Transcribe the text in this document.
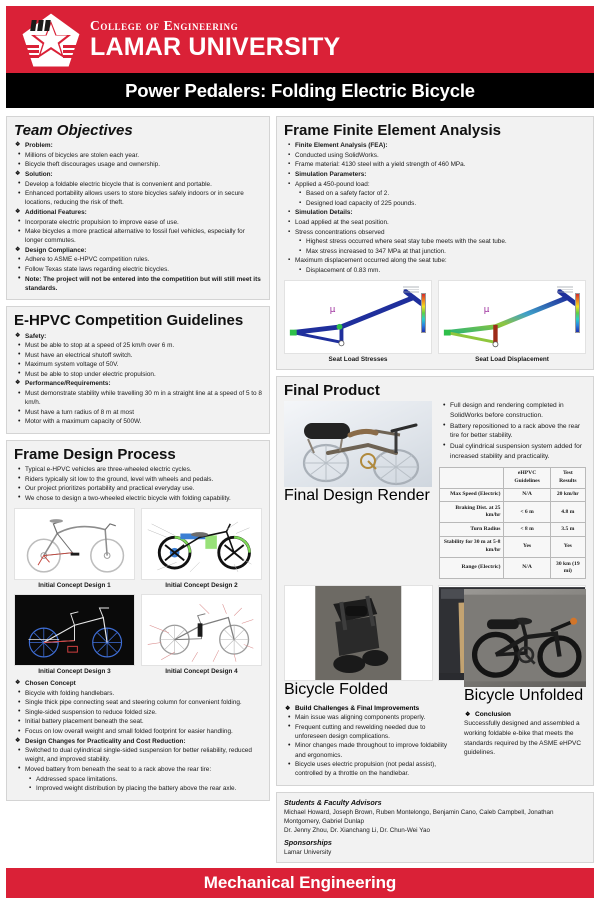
College of Engineering
LAMAR UNIVERSITY
Power Pedalers: Folding Electric Bicycle
Team Objectives
❖ Problem:
• Millions of bicycles are stolen each year.
• Bicycle theft discourages usage and ownership.
❖ Solution:
• Develop a foldable electric bicycle that is convenient and portable.
• Enhanced portability allows users to store bicycles safely indoors or in secure locations, reducing the risk of theft.
❖ Additional Features:
• Incorporate electric propulsion to improve ease of use.
• Make bicycles a more practical alternative to fossil fuel vehicles, especially for longer commutes.
❖ Design Compliance:
• Adhere to ASME e-HPVC competition rules.
• Follow Texas state laws regarding electric bicycles.
• Note: The project will not be entered into the competition but will still meet its standards.
E-HPVC Competition Guidelines
❖ Safety:
• Must be able to stop at a speed of 25 km/h over 6 m.
• Must have an electrical shutoff switch.
• Maximum system voltage of 50V.
• Must be able to stop under electric propulsion.
❖ Performance/Requirements:
• Must demonstrate stability while travelling 30 m in a straight line at a speed of 5 to 8 km/h.
• Must have a turn radius of 8 m at most
• Motor with a maximum capacity of 500W.
Frame Design Process
• Typical e-HPVC vehicles are three-wheeled electric cycles.
• Riders typically sit low to the ground, level with wheels and pedals.
• Our project prioritizes portability and practical everyday use.
• We chose to design a two-wheeled electric bicycle with folding capability.
Initial Concept Design 1	Initial Concept Design 2
Initial Concept Design 3	Initial Concept Design 4
❖ Chosen Concept
• Bicycle with folding handlebars.
• Single thick pipe connecting seat and steering column for convenient folding.
• Single-sided suspension to reduce folded size.
• Initial battery placement beneath the seat.
• Focus on low overall weight and small folded footprint for easier handling.
❖ Design Changes for Practicality and Cost Reduction:
• Switched to dual cylindrical single-sided suspension for better reliability, reduced weight, and improved stability.
• Moved battery from beneath the seat to a rack above the rear tire:
▪ Addressed space limitations.
▪ Improved weight distribution by placing the battery above the rear axle.
Frame Finite Element Analysis
▪ Finite Element Analysis (FEA):
▪ Conducted using SolidWorks.
▪ Frame material: 4130 steel with a yield strength of 460 MPa.
▪ Simulation Parameters:
▪ Applied a 450-pound load:
▪ Based on a safety factor of 2.
▪ Designed load capacity of 225 pounds.
▪ Simulation Details:
▪ Load applied at the seat position.
▪ Stress concentrations observed
▪ Highest stress occurred where seat stay tube meets with the seat tube.
▪ Max stress increased to 347 MPa at that junction.
▪ Maximum displacement occurred along the seat tube:
▪ Displacement of 0.83 mm.
µ
Seat Load Stresses
µ
Seat Load Displacement
Final Product
Final Design Render
• Full design and rendering completed in SolidWorks before construction.
• Battery repositioned to a rack above the rear tire for better stability.
• Dual cylindrical suspension system added for increased stability and practicality.
	eHPVC Guidelines	Test Results
Max Speed (Electric)	N/A	20 km/hr
Braking Dist. at 25 km/hr	< 6 m	4.8 m
Turn Radius	< 8 m	3.5 m
Stability for 30 m at 5-8 km/hr	Yes	Yes
Range (Electric)	N/A	30 km (19 mi)
Bicycle Folded
❖ Build Challenges & Final Improvements
• Main issue was aligning components properly.
• Frequent cutting and rewelding needed due to unforeseen design complications.
• Minor changes made throughout to improve foldability and ergonomics.
• Bicycle uses electric propulsion (not pedal assist), controlled by a throttle on the handlebar.
Bicycle Unfolded
❖ Conclusion

Successfully designed and assembled a working foldable e-bike that meets the standards required by the ASME eHPVC guidelines.

Students & Faculty Advisors
Michael Howard, Joseph Brown, Ruben Montelongo, Benjamin Cano, Caleb Campbell, Jonathan Montgomery, Gabriel Dunlap
Dr. Jenny Zhou, Dr. Xianchang Li, Dr. Chun-Wei Yao
Sponsorships
Lamar University
Mechanical Engineering
